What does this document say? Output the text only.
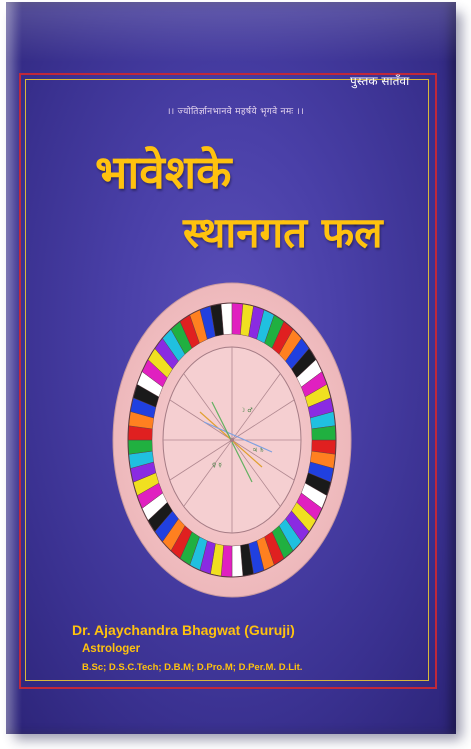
पुस्तक सातँवा
।। ज्योतिर्ज्ञानभानवे महर्षये भृगवे नमः ।।
भावेशके
स्थानगत फल
☽ ♂
♀ ☿
♃ ♄
Dr. Ajaychandra Bhagwat (Guruji)
Astrologer
B.Sc; D.S.C.Tech; D.B.M; D.Pro.M; D.Per.M. D.Lit.
